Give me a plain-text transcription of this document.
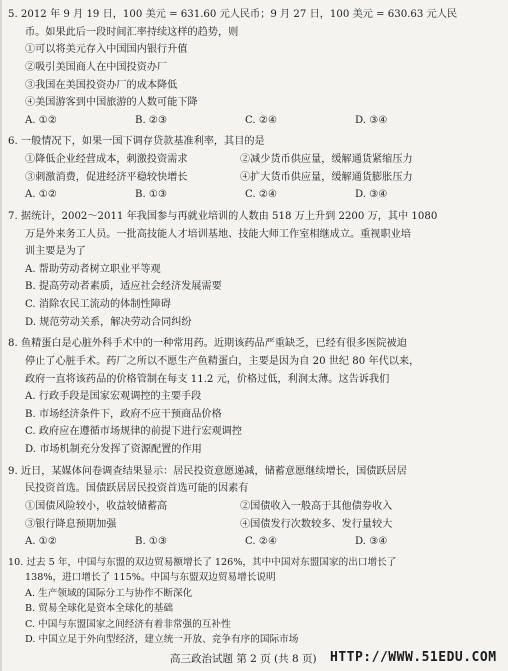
5. 2012 年 9 月 19 日，100 美元 = 631.60 元人民币；9 月 27 日，100 美元 = 630.63 元人民
币。如果此后一段时间汇率持续这样的趋势，则
①可以将美元存入中国国内银行升值
②吸引美国商人在中国投资办厂
③我国在美国投资办厂的成本降低
④美国游客到中国旅游的人数可能下降
A. ①②	B. ②③	C. ②④	D. ③④
6. 一般情况下，如果一国下调存贷款基准利率，其目的是
①降低企业经营成本，刺激投资需求	②减少货币供应量，缓解通货紧缩压力
③刺激消费，促进经济平稳较快增长	④扩大货币供应量，缓解通货膨胀压力
A. ①②	B. ①③	C. ②④	D. ③④
7. 据统计，2002～2011 年我国参与再就业培训的人数由 518 万上升到 2200 万，其中 1080
万是外来务工人员。一批高技能人才培训基地、技能大师工作室相继成立。重视职业培
训主要是为了
A. 帮助劳动者树立职业平等观
B. 提高劳动者素质，适应社会经济发展需要
C. 消除农民工流动的体制性障碍
D. 规范劳动关系，解决劳动合同纠纷
8. 鱼精蛋白是心脏外科手术中的一种常用药。近期该药品严重缺乏，已经有很多医院被迫
停止了心脏手术。药厂之所以不愿生产鱼精蛋白，主要是因为自 20 世纪 80 年代以来，
政府一直将该药品的价格管制在每支 11.2 元，价格过低，利润太薄。这告诉我们
A. 行政手段是国家宏观调控的主要手段
B. 市场经济条件下，政府不应干预商品价格
C. 政府应在遵循市场规律的前提下进行宏观调控
D. 市场机制充分发挥了资源配置的作用
9. 近日，某媒体问卷调查结果显示：居民投资意愿递减，储蓄意愿继续增长，国债跃居居
民投资首选。国债跃居居民投资首选可能的因素有
①国债风险较小，收益较储蓄高	②国债收入一般高于其他债券收入
③银行降息预期加强	④国债发行次数较多、发行量较大
A. ①②	B. ①③	C. ②④	D. ③④
10. 过去 5 年，中国与东盟的双边贸易额增长了 126%，其中中国对东盟国家的出口增长了
138%，进口增长了 115%。中国与东盟双边贸易增长说明
A. 生产领域的国际分工与协作不断深化
B. 贸易全球化是资本全球化的基础
C. 中国与东盟国家之间经济有着非常强的互补性
D. 中国立足于外向型经济，建立统一开放、竞争有序的国际市场
高三政治试题 第 2 页 (共 8 页) HTTP://WWW.51EDU.COM
